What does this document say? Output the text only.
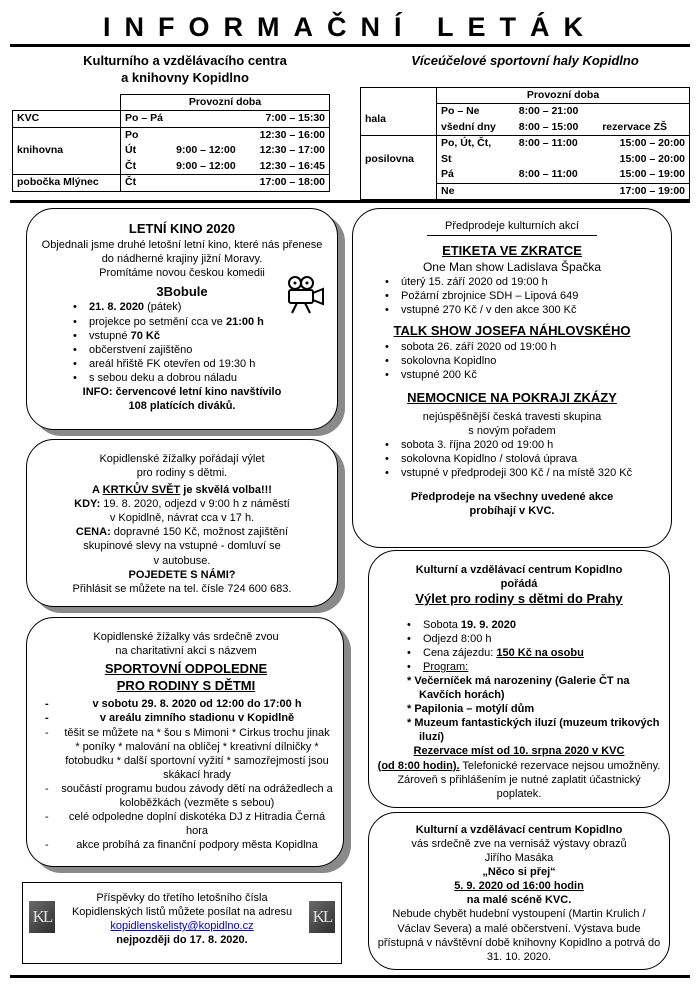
INFORMAČNÍ LETÁK
Kulturního a vzdělávacího centra
a knihovny Kopidlno
Víceúčelové sportovní haly Kopidlno
	Provozní doba		
KVC	Po – Pá		7:00 – 15:30
	Po		12:30 – 16:00
knihovna	Út	9:00 – 12:00	12:30 – 17:00
	Čt	9:00 – 12:00	12:30 – 16:45
pobočka Mlýnec	Čt		17:00 – 18:00
	Provozní doba		
hala	Po – Ne	8:00 – 21:00	
	všední dny	8:00 – 15:00	rezervace ZŠ
posilovna	Po, Út, Čt,	8:00 – 11:00	15:00 – 20:00
	St		15:00 – 20:00
	Pá	8:00 – 11:00	15:00 – 19:00
	Ne		17:00 – 19:00
LETNÍ KINO 2020
Objednali jsme druhé letošní letní kino, které nás přenese do nádherné krajiny jižní Moravy.
Promítáme novou českou komedii
3Bobule
• 21. 8. 2020 (pátek)
• projekce po setmění cca ve 21:00 h
• vstupné 70 Kč
• občerstvení zajištěno
• areál hřiště FK otevřen od 19:30 h
• s sebou deku a dobrou náladu
INFO: červencové letní kino navštívilo
108 platících diváků.
Kopidlenské žížalky pořádají výlet
pro rodiny s dětmi.
A KRTKŮV SVĚT je skvělá volba!!!
KDY: 19. 8. 2020, odjezd v 9:00 h z náměstí
v Kopidlně, návrat cca v 17 h.
CENA: dopravné 150 Kč, možnost zajištění
skupinové slevy na vstupné - domluví se
v autobuse.
POJEDETE S NÁMI?
Přihlásit se můžete na tel. čísle 724 600 683.
Kopidlenské žížalky vás srdečně zvou
na charitativní akci s názvem
SPORTOVNÍ ODPOLEDNE
PRO RODINY S DĚTMI
- v sobotu 29. 8. 2020 od 12:00 do 17:00 h
- v areálu zimního stadionu v Kopidlně
- těšit se můžete na * šou s Mimoni * Cirkus trochu jinak * poníky * malování na obličej * kreativní dílničky * fotobudku * další sportovní vyžití * samozřejmostí jsou skákací hrady
- součástí programu budou závody dětí na odrážedlech a koloběžkách (vezměte s sebou)
- celé odpoledne doplní diskotéka DJ z Hitradia Černá hora
- akce probíhá za finanční podpory města Kopidlna
KL	KL
Příspěvky do třetího letošního čísla
Kopidlenských listů můžete posílat na adresu
kopidlenskelisty@kopidlno.cz
nejpozději do 17. 8. 2020.
Předprodeje kulturních akcí
ETIKETA VE ZKRATCE
One Man show Ladislava Špačka
• úterý 15. září 2020 od 19:00 h
• Požární zbrojnice SDH – Lipová 649
• vstupné 270 Kč / v den akce 300 Kč
TALK SHOW JOSEFA NÁHLOVSKÉHO
• sobota 26. září 2020 od 19:00 h
• sokolovna Kopidlno
• vstupné 200 Kč
NEMOCNICE NA POKRAJI ZKÁZY
nejúspěšnější česká travesti skupina
s novým pořadem
• sobota 3. října 2020 od 19:00 h
• sokolovna Kopidlno / stolová úprava
• vstupné v předprodeji 300 Kč / na místě 320 Kč
Předprodeje na všechny uvedené akce
probíhají v KVC.
Kulturní a vzdělávací centrum Kopidlno
pořádá
Výlet pro rodiny s dětmi do Prahy
• Sobota 19. 9. 2020
• Odjezd 8:00 h
• Cena zájezdu: 150 Kč na osobu
• Program:
* Večerníček má narozeniny (Galerie ČT na Kavčích horách)
* Papilonia – motýlí dům
* Muzeum fantastických iluzí (muzeum trikových iluzí)
Rezervace míst od 10. srpna 2020 v KVC
(od 8:00 hodin). Telefonické rezervace nejsou umožněny. Zároveň s přihlášením je nutné zaplatit účastnický poplatek.
Kulturní a vzdělávací centrum Kopidlno
vás srdečně zve na vernisáž výstavy obrazů
Jiřího Masáka
„Něco si přej“
5. 9. 2020 od 16:00 hodin
na malé scéně KVC.
Nebude chybět hudební vystoupení (Martin Krulich / Václav Severa) a malé občerstvení. Výstava bude přístupná v návštěvní době knihovny Kopidlno a potrvá do 31. 10. 2020.
